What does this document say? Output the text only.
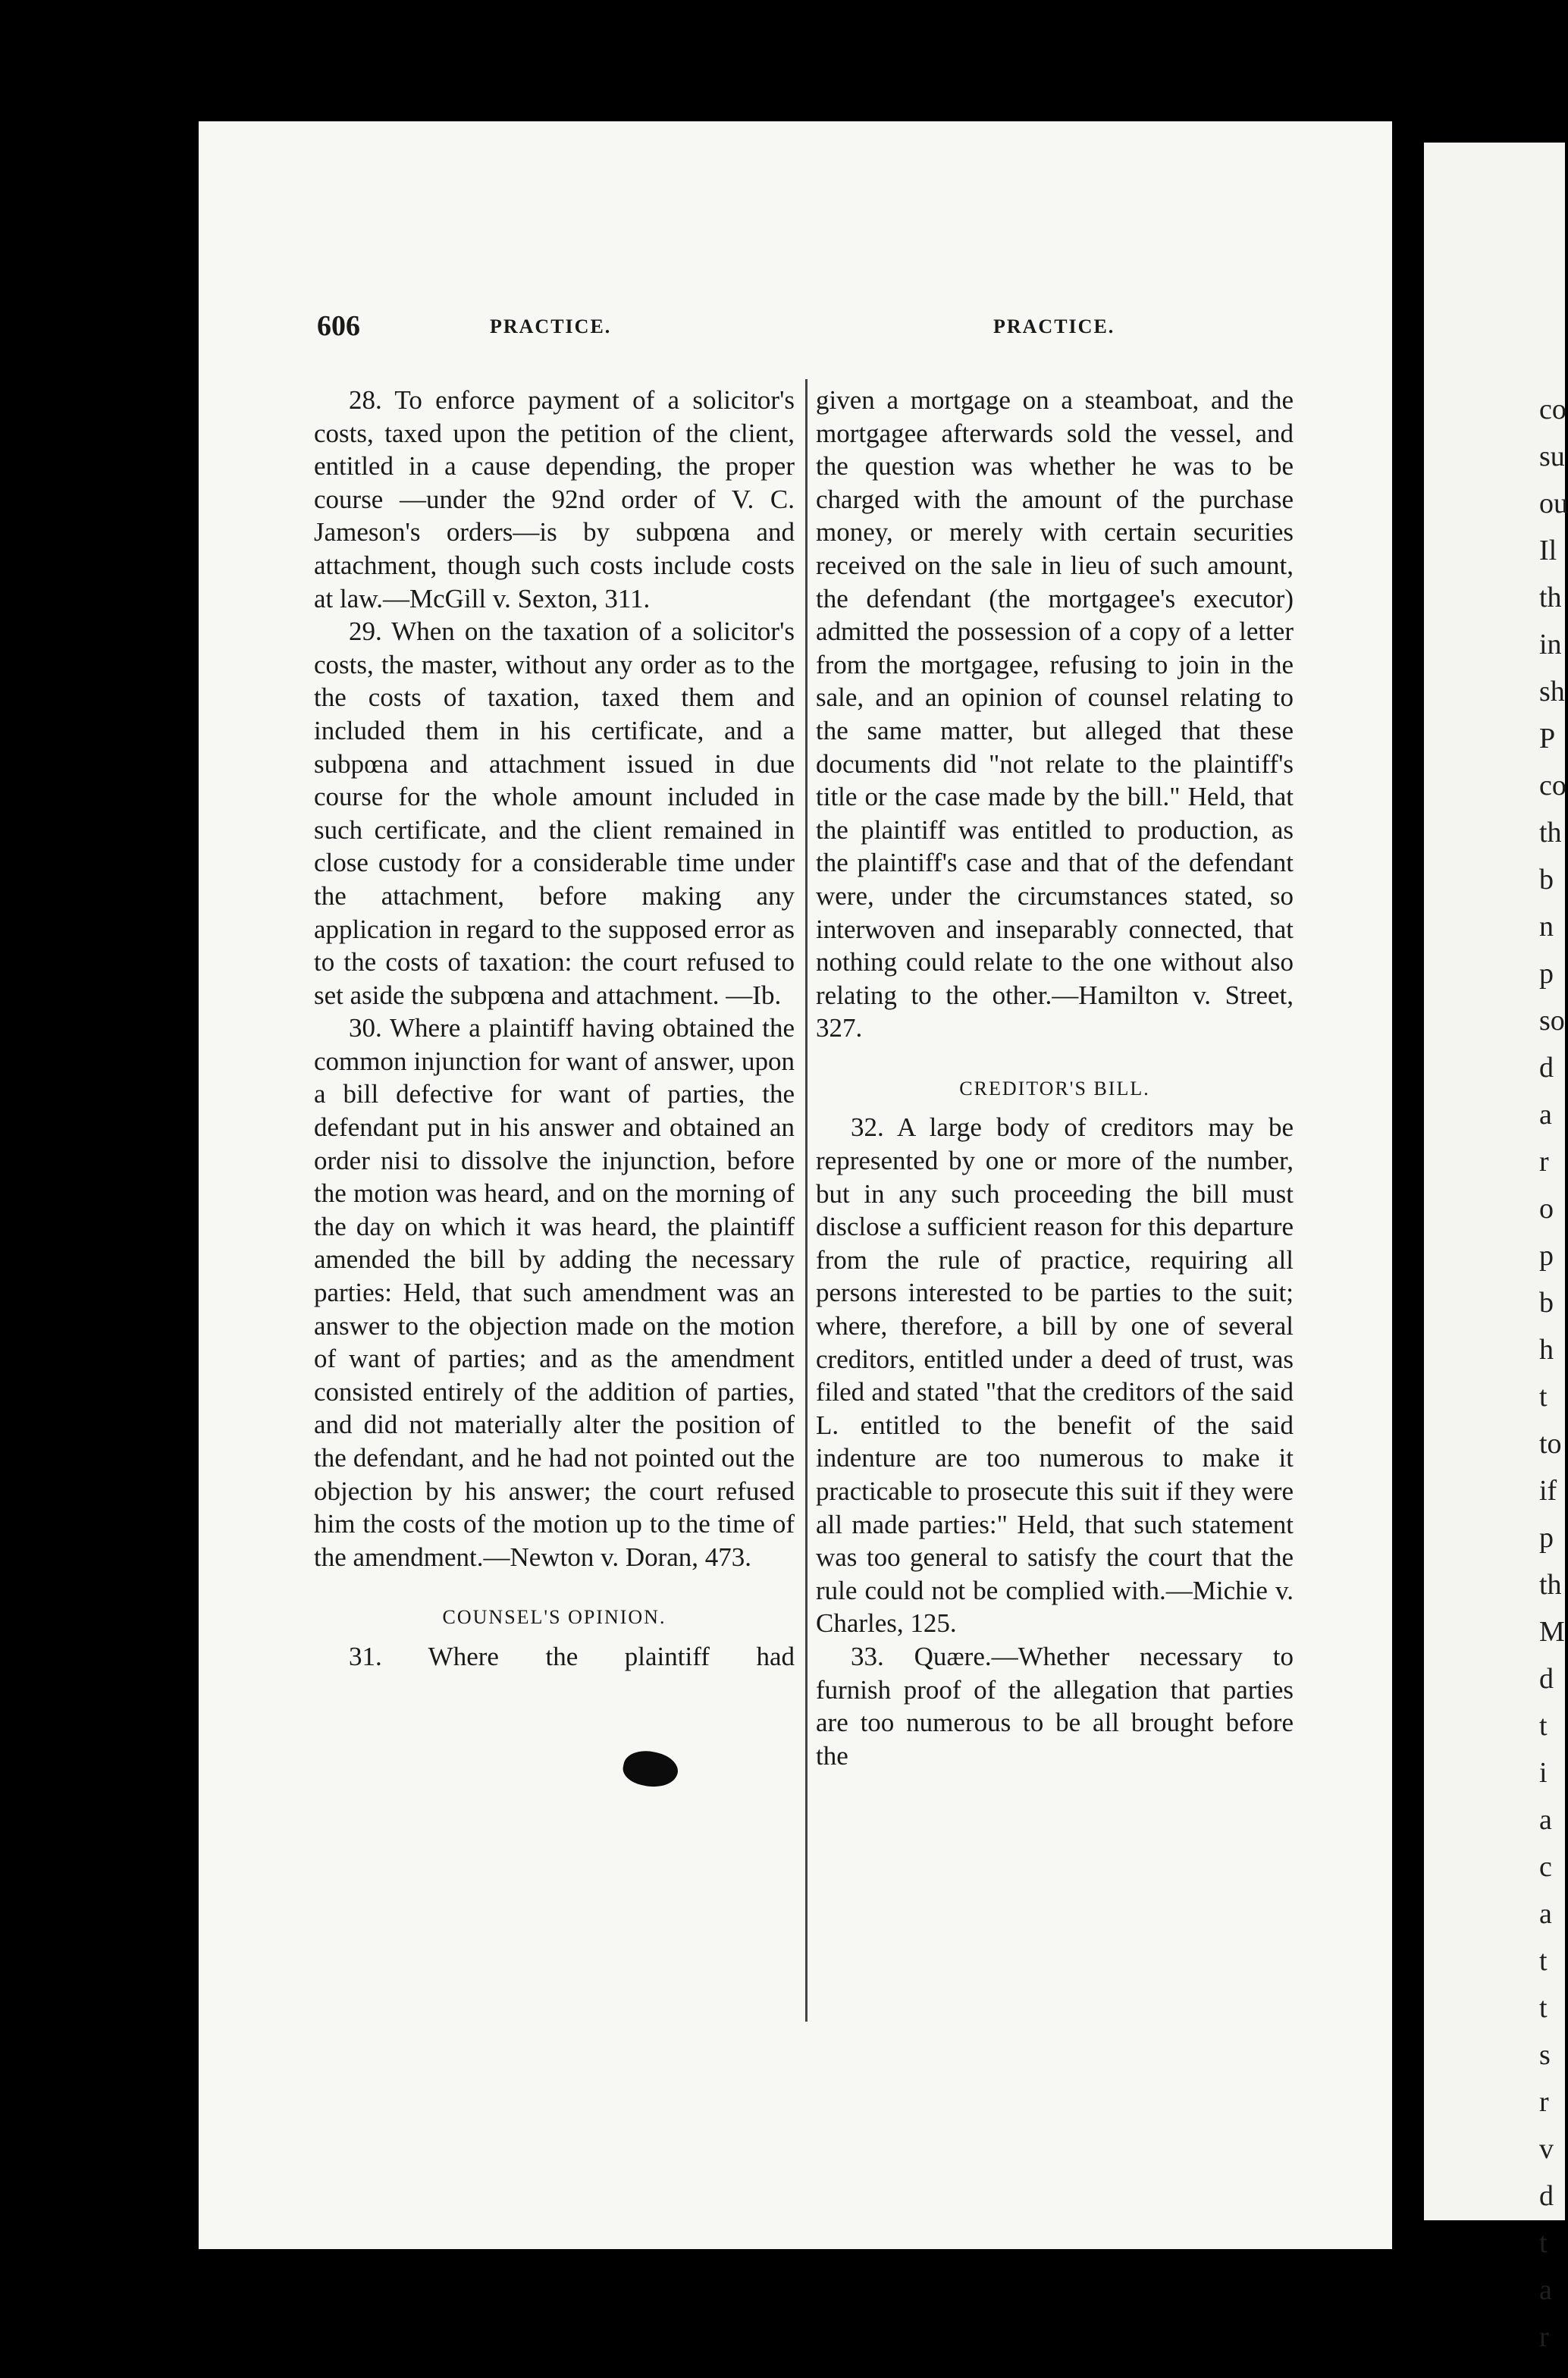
co
su
ou
Il
th
in
sh
P
co
th
b
n
p
so
d
a
r
o
p
b
h
t
to
if
p
th
M
d
t
i
a
c
a
t
t
s
r
v
d
t
a
r
606	PRACTICE.	PRACTICE.

28. To enforce payment of a solicitor's costs, taxed upon the petition of the client, entitled in a cause depending, the proper course —under the 92nd order of V. C. Jameson's orders—is by subpœna and attachment, though such costs include costs at law.—McGill v. Sexton, 311.

29. When on the taxation of a solicitor's costs, the master, without any order as to the the costs of taxation, taxed them and included them in his certificate, and a subpœna and attachment issued in due course for the whole amount included in such certificate, and the client remained in close custody for a considerable time under the attachment, before making any application in regard to the supposed error as to the costs of taxation: the court refused to set aside the subpœna and attachment. —Ib.

30. Where a plaintiff having obtained the common injunction for want of answer, upon a bill defective for want of parties, the defendant put in his answer and obtained an order nisi to dissolve the injunction, before the motion was heard, and on the morning of the day on which it was heard, the plaintiff amended the bill by adding the necessary parties: Held, that such amendment was an answer to the objection made on the motion of want of parties; and as the amendment consisted entirely of the addition of parties, and did not materially alter the position of the defendant, and he had not pointed out the objection by his answer; the court refused him the costs of the motion up to the time of the amendment.—Newton v. Doran, 473.

COUNSEL'S OPINION.

31. Where the plaintiff had

given a mortgage on a steamboat, and the mortgagee afterwards sold the vessel, and the question was whether he was to be charged with the amount of the purchase money, or merely with certain securities received on the sale in lieu of such amount, the defendant (the mortgagee's executor) admitted the possession of a copy of a letter from the mortgagee, refusing to join in the sale, and an opinion of counsel relating to the same matter, but alleged that these documents did "not relate to the plaintiff's title or the case made by the bill." Held, that the plaintiff was entitled to production, as the plaintiff's case and that of the defendant were, under the circumstances stated, so interwoven and inseparably connected, that nothing could relate to the one without also relating to the other.—Hamilton v. Street, 327.

CREDITOR'S BILL.

32. A large body of creditors may be represented by one or more of the number, but in any such proceeding the bill must disclose a sufficient reason for this departure from the rule of practice, requiring all persons interested to be parties to the suit; where, therefore, a bill by one of several creditors, entitled under a deed of trust, was filed and stated "that the creditors of the said L. entitled to the benefit of the said indenture are too numerous to make it practicable to prosecute this suit if they were all made parties:" Held, that such statement was too general to satisfy the court that the rule could not be complied with.—Michie v. Charles, 125.

33. Quære.—Whether necessary to furnish proof of the allegation that parties are too numerous to be all brought before the
